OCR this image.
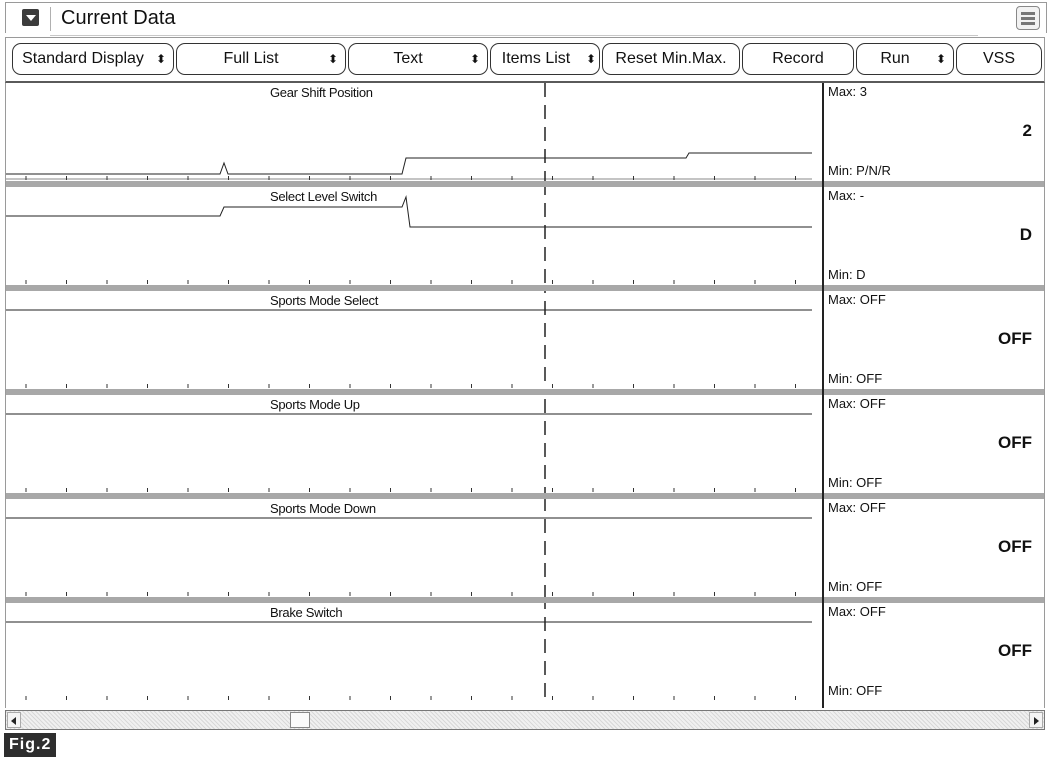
Current Data
Standard Display ⬍	Full List	⬍	Text	⬍	Items List ⬍	Reset Min.Max.	Record	Run ⬍	VSS
Gear Shift Position	Max: 3
Min: P/N/R
2
Select Level Switch	Max: -
Min: D
D
Sports Mode Select	Max: OFF
Min: OFF
OFF
Sports Mode Up	Max: OFF
Min: OFF
OFF
Sports Mode Down	Max: OFF
Min: OFF
OFF
Brake Switch	Max: OFF
Min: OFF
OFF
Fig.2
